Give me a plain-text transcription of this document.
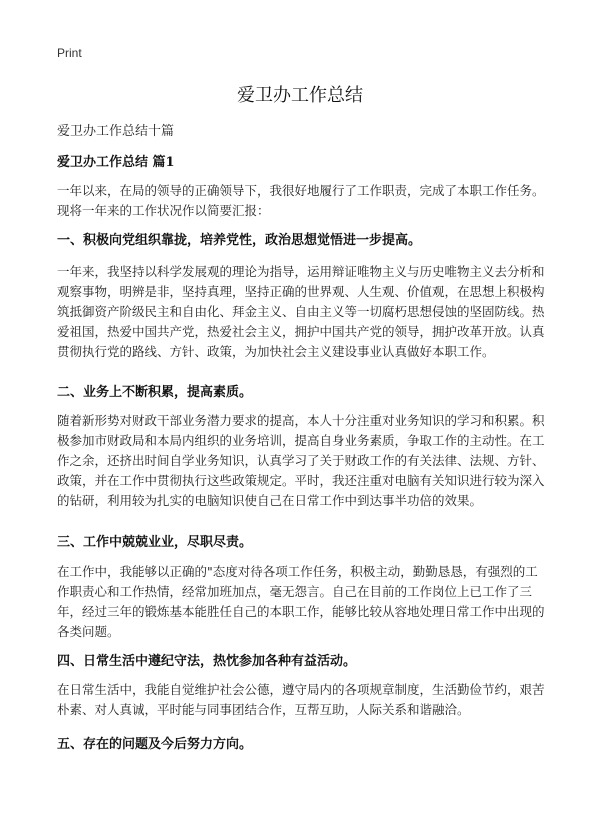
Print
爱卫办工作总结
爱卫办工作总结十篇
爱卫办工作总结 篇1
一年以来，在局的领导的正确领导下，我很好地履行了工作职责，完成了本职工作任务。现将一年来的工作状况作以简要汇报：
一、积极向党组织靠拢，培养党性，政治思想觉悟进一步提高。
一年来，我坚持以科学发展观的理论为指导，运用辩证唯物主义与历史唯物主义去分析和观察事物，明辨是非，坚持真理，坚持正确的世界观、人生观、价值观，在思想上积极构筑抵御资产阶级民主和自由化、拜金主义、自由主义等一切腐朽思想侵蚀的坚固防线。热爱祖国，热爱中国共产党，热爱社会主义，拥护中国共产党的领导，拥护改革开放。认真贯彻执行党的路线、方针、政策，为加快社会主义建设事业认真做好本职工作。
二、业务上不断积累，提高素质。
随着新形势对财政干部业务潜力要求的提高，本人十分注重对业务知识的学习和积累。积极参加市财政局和本局内组织的业务培训，提高自身业务素质，争取工作的主动性。在工作之余，还挤出时间自学业务知识，认真学习了关于财政工作的有关法律、法规、方针、政策，并在工作中贯彻执行这些政策规定。平时，我还注重对电脑有关知识进行较为深入的钻研，利用较为扎实的电脑知识使自己在日常工作中到达事半功倍的效果。
三、工作中兢兢业业，尽职尽责。
在工作中，我能够以正确的"态度对待各项工作任务，积极主动，勤勤恳恳，有强烈的工作职责心和工作热情，经常加班加点，毫无怨言。自己在目前的工作岗位上已工作了三年，经过三年的锻炼基本能胜任自己的本职工作，能够比较从容地处理日常工作中出现的各类问题。
四、日常生活中遵纪守法，热忱参加各种有益活动。
在日常生活中，我能自觉维护社会公德，遵守局内的各项规章制度，生活勤俭节约，艰苦朴素、对人真诚，平时能与同事团结合作，互帮互助，人际关系和谐融洽。
五、存在的问题及今后努力方向。
